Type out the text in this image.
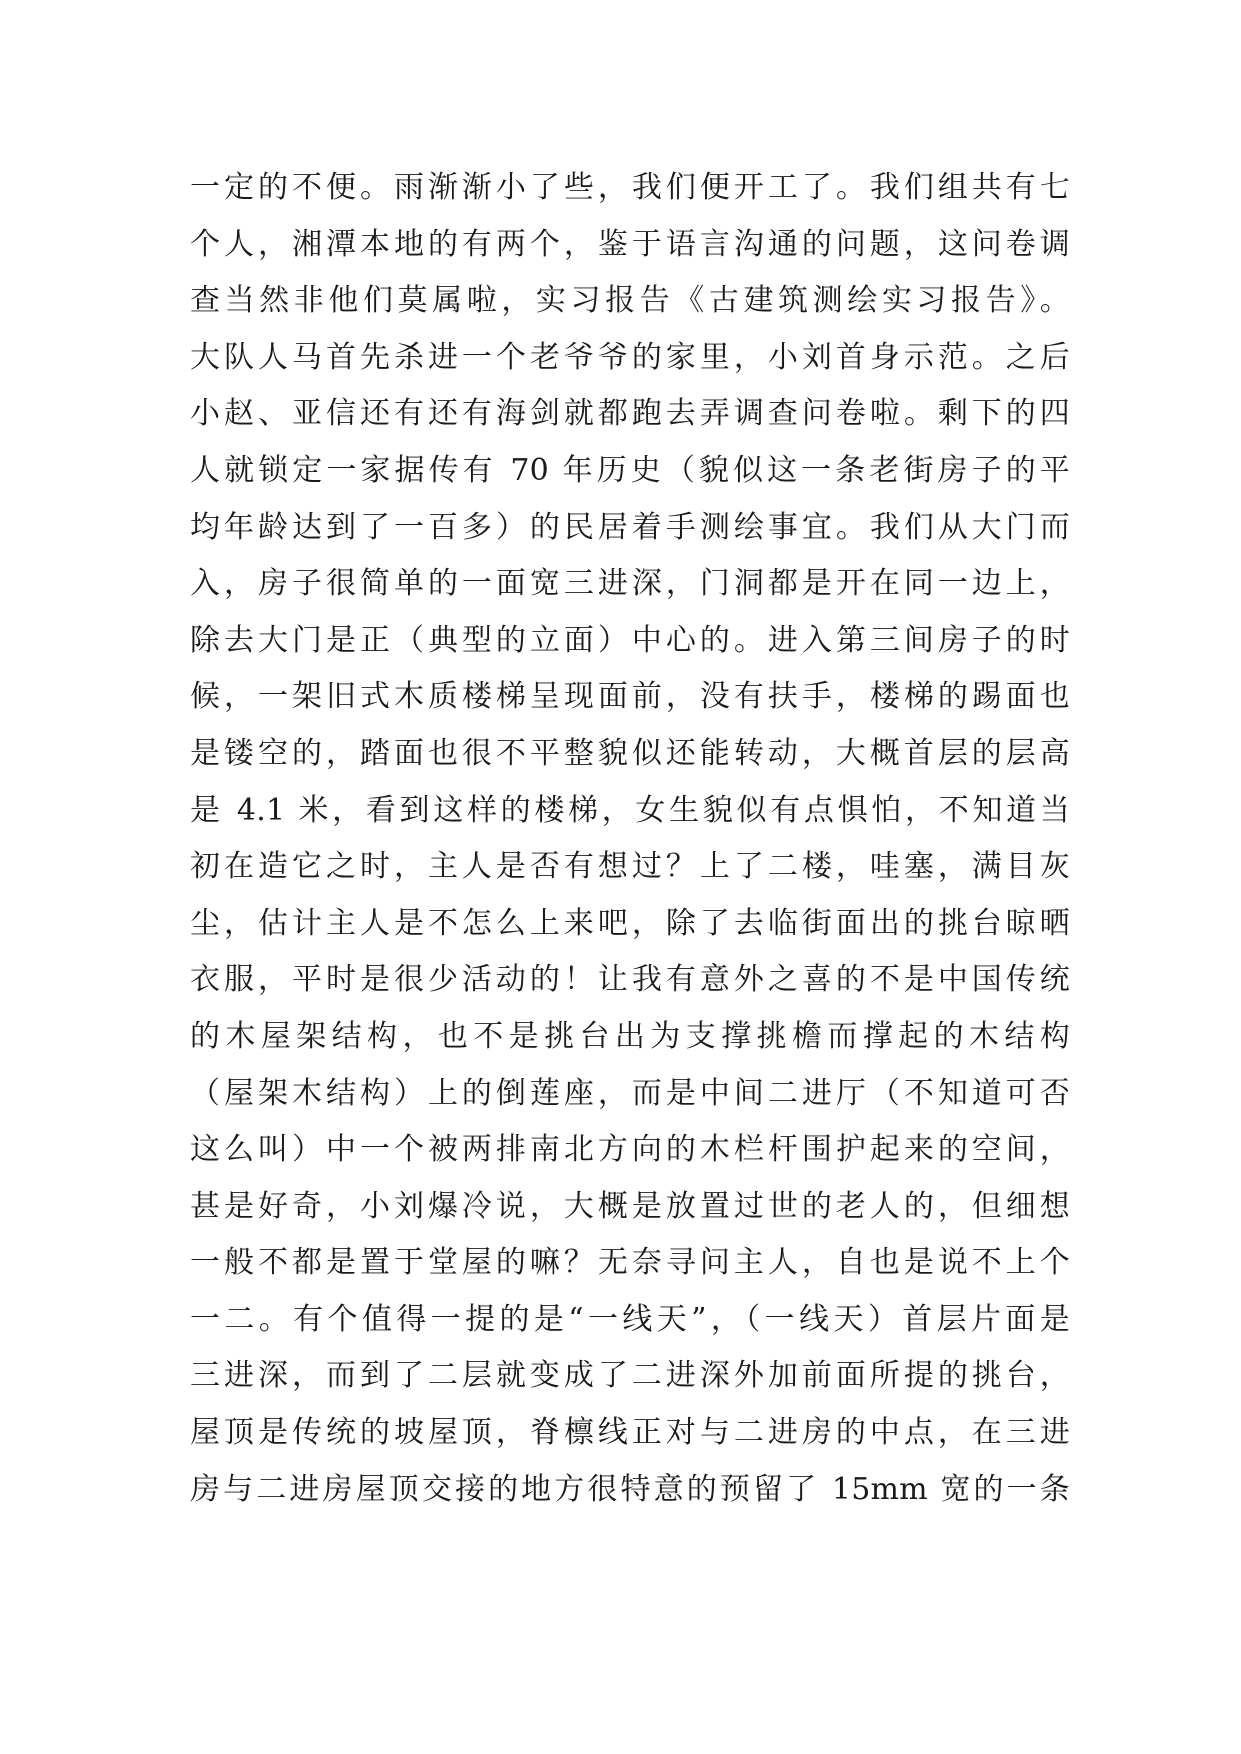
一定的不便。雨渐渐小了些，我们便开工了。我们组共有七
个人，湘潭本地的有两个，鉴于语言沟通的问题，这问卷调
查当然非他们莫属啦，实习报告《古建筑测绘实习报告》。
大队人马首先杀进一个老爷爷的家里，小刘首身示范。之后
小赵、亚信还有还有海剑就都跑去弄调查问卷啦。剩下的四
人就锁定一家据传有 70 年历史（貌似这一条老街房子的平
均年龄达到了一百多）的民居着手测绘事宜。我们从大门而
入，房子很简单的一面宽三进深，门洞都是开在同一边上，
除去大门是正（典型的立面）中心的。进入第三间房子的时
候，一架旧式木质楼梯呈现面前，没有扶手，楼梯的踢面也
是镂空的，踏面也很不平整貌似还能转动，大概首层的层高
是 4.1 米，看到这样的楼梯，女生貌似有点惧怕，不知道当
初在造它之时，主人是否有想过？上了二楼，哇塞，满目灰
尘，估计主人是不怎么上来吧，除了去临街面出的挑台晾晒
衣服，平时是很少活动的！让我有意外之喜的不是中国传统
的木屋架结构，也不是挑台出为支撑挑檐而撑起的木结构
（屋架木结构）上的倒莲座，而是中间二进厅（不知道可否
这么叫）中一个被两排南北方向的木栏杆围护起来的空间，
甚是好奇，小刘爆冷说，大概是放置过世的老人的，但细想
一般不都是置于堂屋的嘛？无奈寻问主人，自也是说不上个
一二。有个值得一提的是“一线天”，（一线天）首层片面是
三进深，而到了二层就变成了二进深外加前面所提的挑台，
屋顶是传统的坡屋顶，脊檩线正对与二进房的中点，在三进
房与二进房屋顶交接的地方很特意的预留了 15mm 宽的一条
